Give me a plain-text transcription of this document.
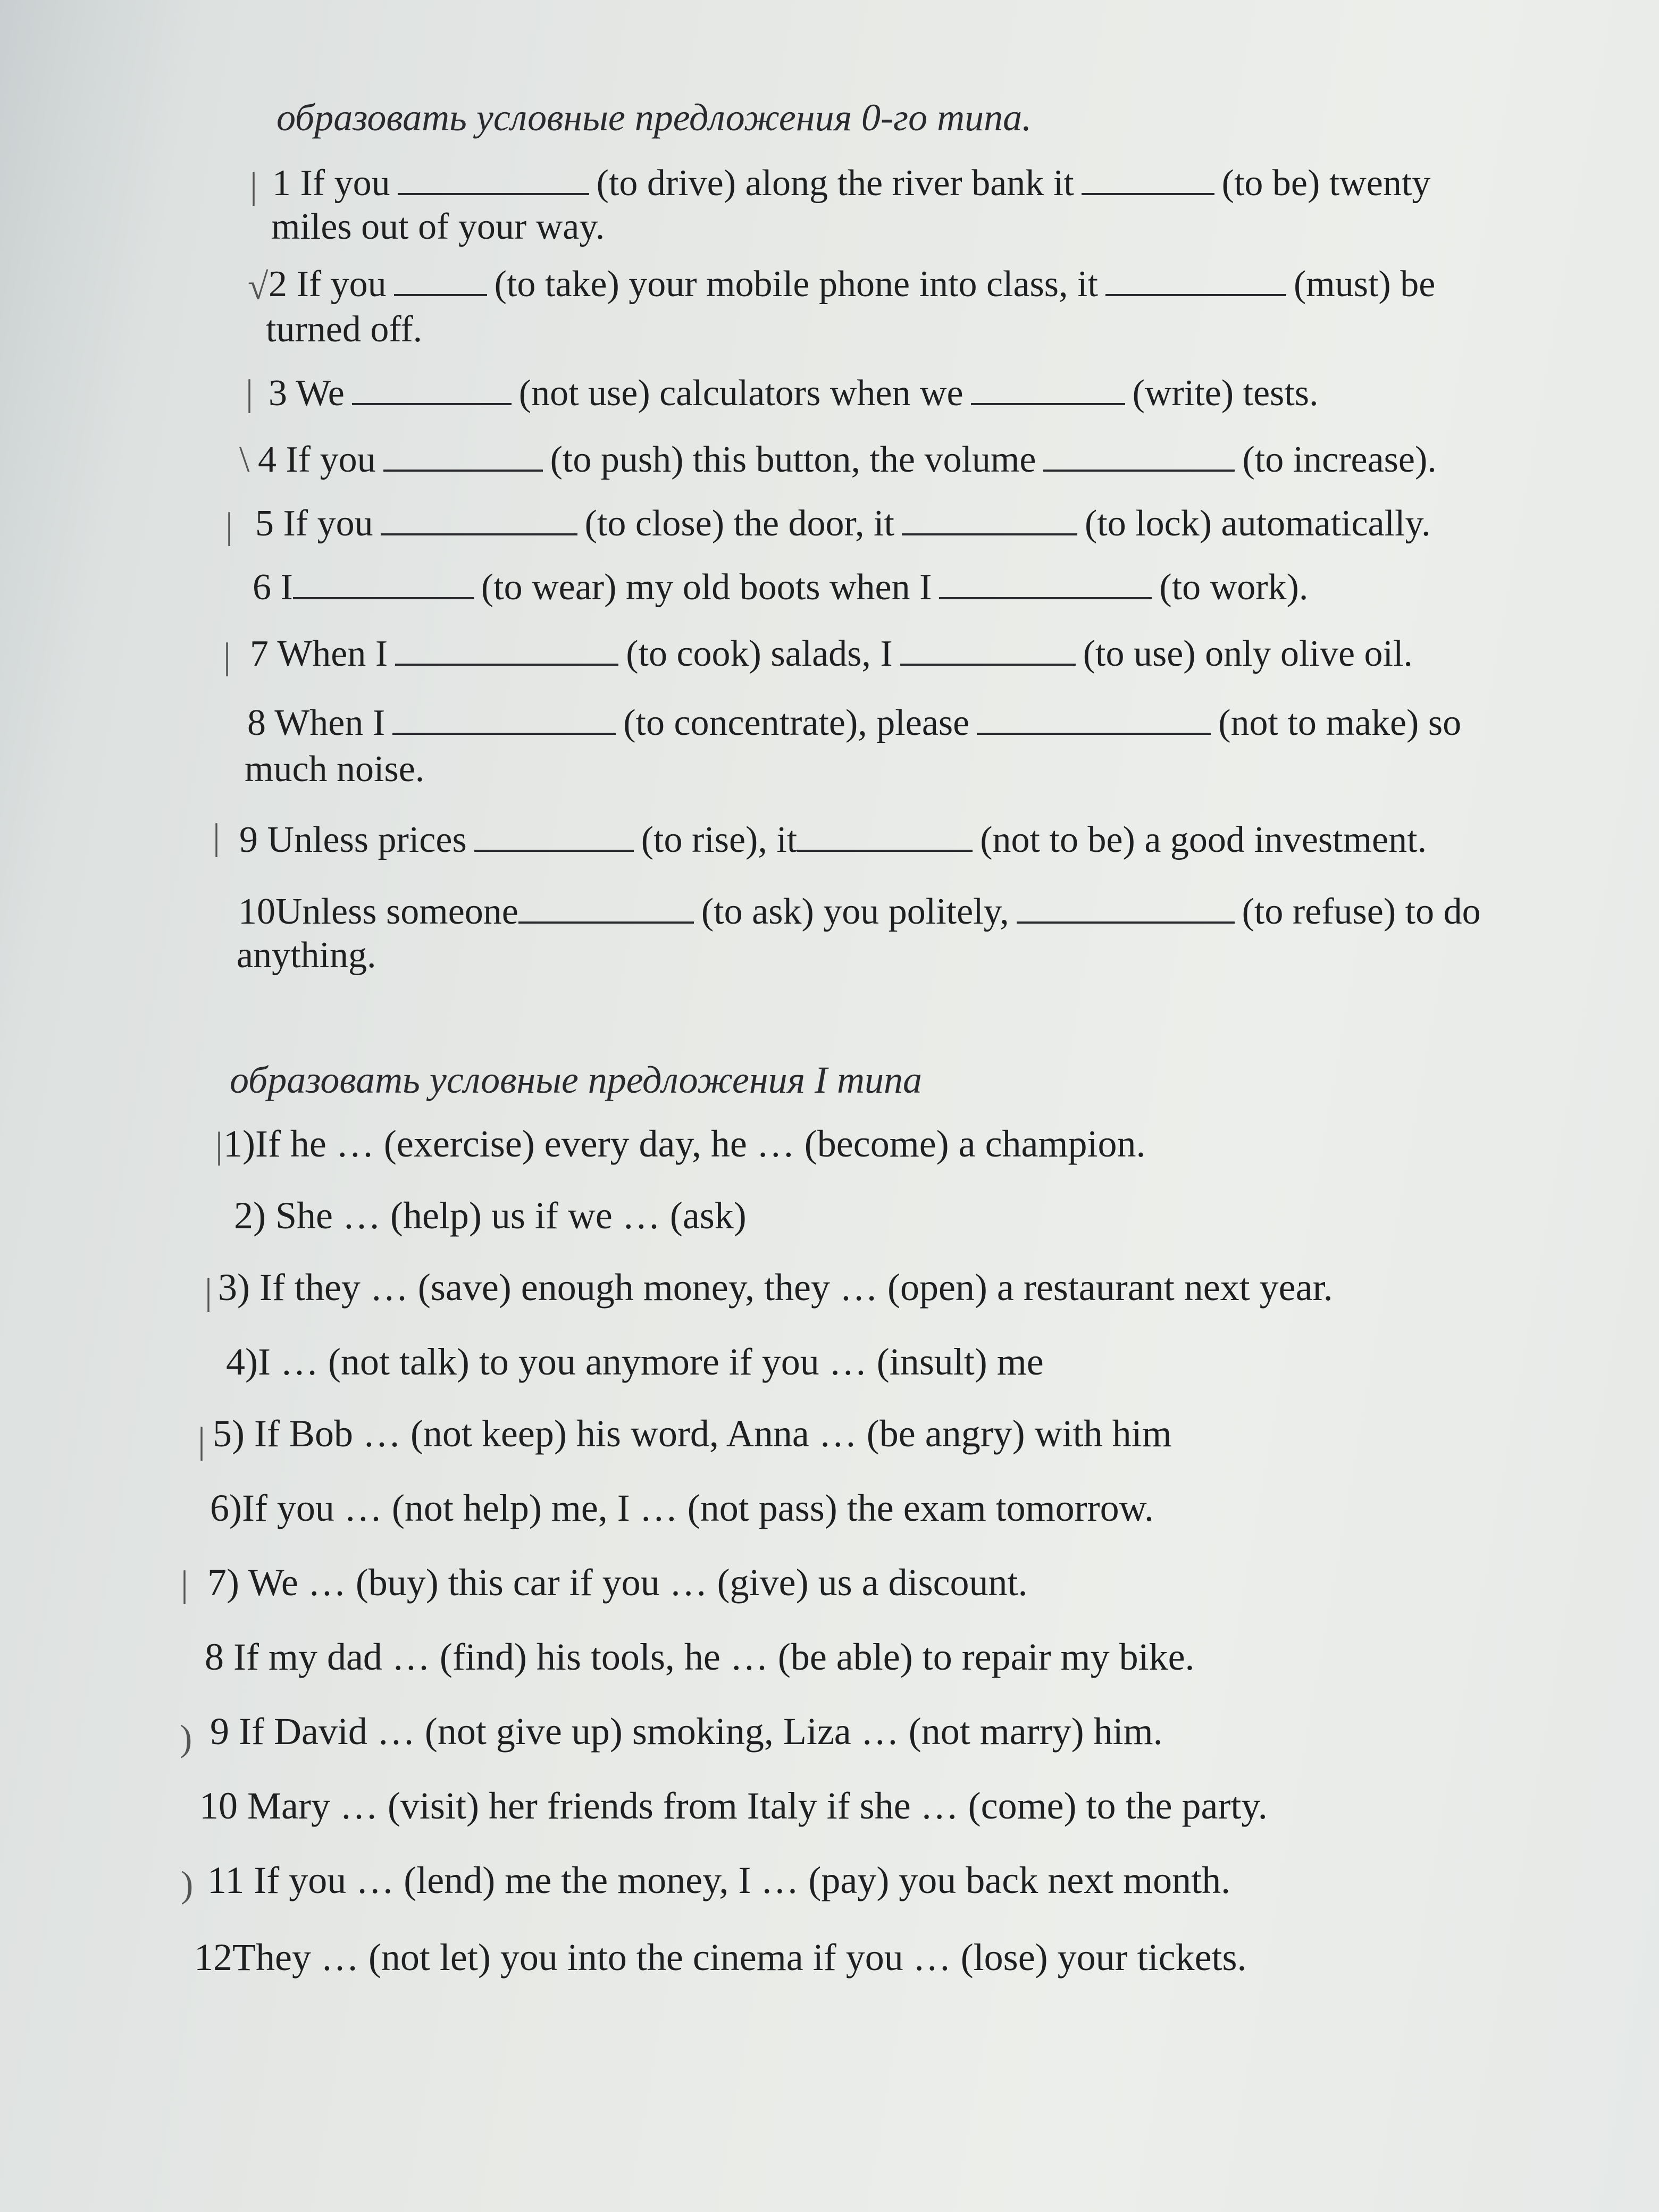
образовать условные предложения 0-го типа.
| 1 If you	(to drive) along the river bank it	(to be) twenty
miles out of your way.
√ 2 If you	(to take) your mobile phone into class, it	(must) be
turned off.
| 3 We	(not use) calculators when we	(write) tests.
\ 4 If you	(to push) this button, the volume	(to increase).
| 5 If you	(to close) the door, it	(to lock) automatically.
6 I	(to wear) my old boots when I	(to work).
| 7 When I	(to cook) salads, I	(to use) only olive oil.
8 When I	(to concentrate), please	(not to make) so
much noise.
| 9 Unless prices	(to rise), it	(not to be) a good investment.
10Unless someone	(to ask) you politely,	(to refuse) to do
anything.
образовать условные предложения I типа
| 1)If he … (exercise) every day, he … (become) a champion.
2) She … (help) us if we … (ask)
| 3) If they … (save) enough money, they … (open) a restaurant next year.
4)I … (not talk) to you anymore if you … (insult) me
| 5) If Bob … (not keep) his word, Anna … (be angry) with him
6)If you … (not help) me, I … (not pass) the exam tomorrow.
| 7) We … (buy) this car if you … (give) us a discount.
8 If my dad … (find) his tools, he … (be able) to repair my bike.
) 9 If David … (not give up) smoking, Liza … (not marry) him.
10 Mary … (visit) her friends from Italy if she … (come) to the party.
) 11 If you … (lend) me the money, I … (pay) you back next month.
12They … (not let) you into the cinema if you … (lose) your tickets.
